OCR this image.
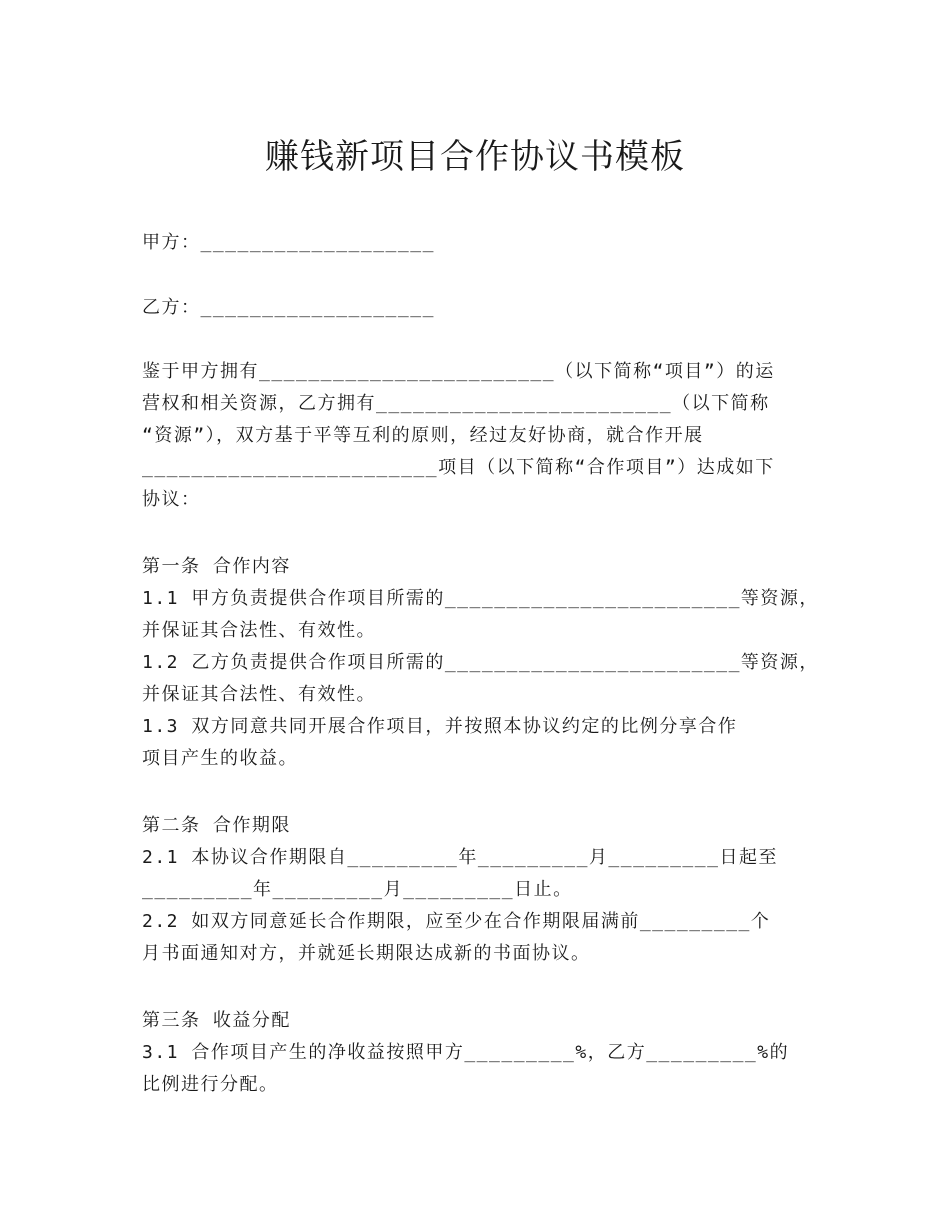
赚钱新项目合作协议书模板
甲方：___________________
乙方：___________________
鉴于甲方拥有________________________（以下简称“项目”）的运
营权和相关资源，乙方拥有________________________（以下简称
“资源”），双方基于平等互利的原则，经过友好协商，就合作开展
________________________项目（以下简称“合作项目”）达成如下
协议：
第一条 合作内容
1.1 甲方负责提供合作项目所需的________________________等资源，
并保证其合法性、有效性。
1.2 乙方负责提供合作项目所需的________________________等资源，
并保证其合法性、有效性。
1.3 双方同意共同开展合作项目，并按照本协议约定的比例分享合作
项目产生的收益。
第二条 合作期限
2.1 本协议合作期限自_________年_________月_________日起至
_________年_________月_________日止。
2.2 如双方同意延长合作期限，应至少在合作期限届满前_________个
月书面通知对方，并就延长期限达成新的书面协议。
第三条 收益分配
3.1 合作项目产生的净收益按照甲方_________%，乙方_________%的
比例进行分配。
